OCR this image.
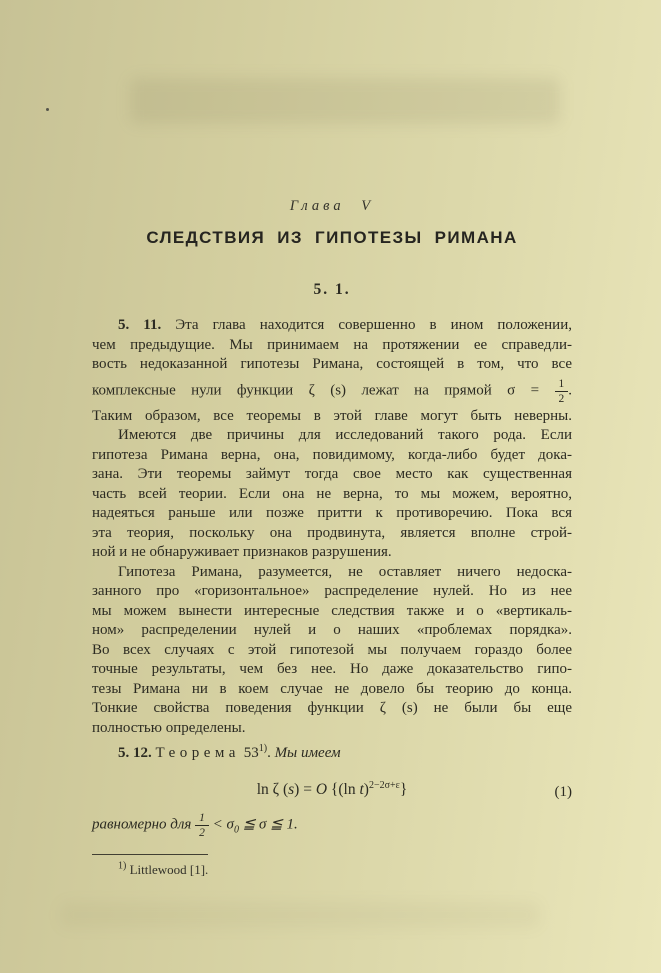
Глава V
СЛЕДСТВИЯ ИЗ ГИПОТЕЗЫ РИМАНА
5. 1.
5. 11. Эта глава находится совершенно в ином положении,
чем предыдущие. Мы принимаем на протяжении ее справедли-
вость недоказанной гипотезы Римана, состоящей в том, что все
комплексные нули функции ζ (s) лежат на прямой $\sigma = \frac{1}{2}$ .
Таким образом, все теоремы в этой главе могут быть неверны.
Имеются две причины для исследований такого рода. Если
гипотеза Римана верна, она, повидимому, когда-либо будет дока-
зана. Эти теоремы займут тогда свое место как существенная
часть всей теории. Если она не верна, то мы можем, вероятно,
надеяться раньше или позже притти к противоречию. Пока вся
эта теория, поскольку она продвинута, является вполне строй-
ной и не обнаруживает признаков разрушения.
Гипотеза Римана, разумеется, не оставляет ничего недоска-
занного про «горизонтальное» распределение нулей. Но из нее
мы можем вынести интересные следствия также и о «вертикаль-
ном» распределении нулей и о наших «проблемах порядка».
Во всех случаях с этой гипотезой мы получаем гораздо более
точные результаты, чем без нее. Но даже доказательство гипо-
тезы Римана ни в коем случае не довело бы теорию до конца.
Тонкие свойства поведения функции ζ (s) не были бы еще
полностью определены.
5. 12. Теорема 53$^{1)}$. Мы имеем
ln ζ (s) = O {(ln t)$^{2-2\sigma+\varepsilon}$}	(1)
равномерно для $\frac{1}{2} < \sigma_0$ ≦ σ ≦ 1.
$^{1)}$ Littlewood [1].
